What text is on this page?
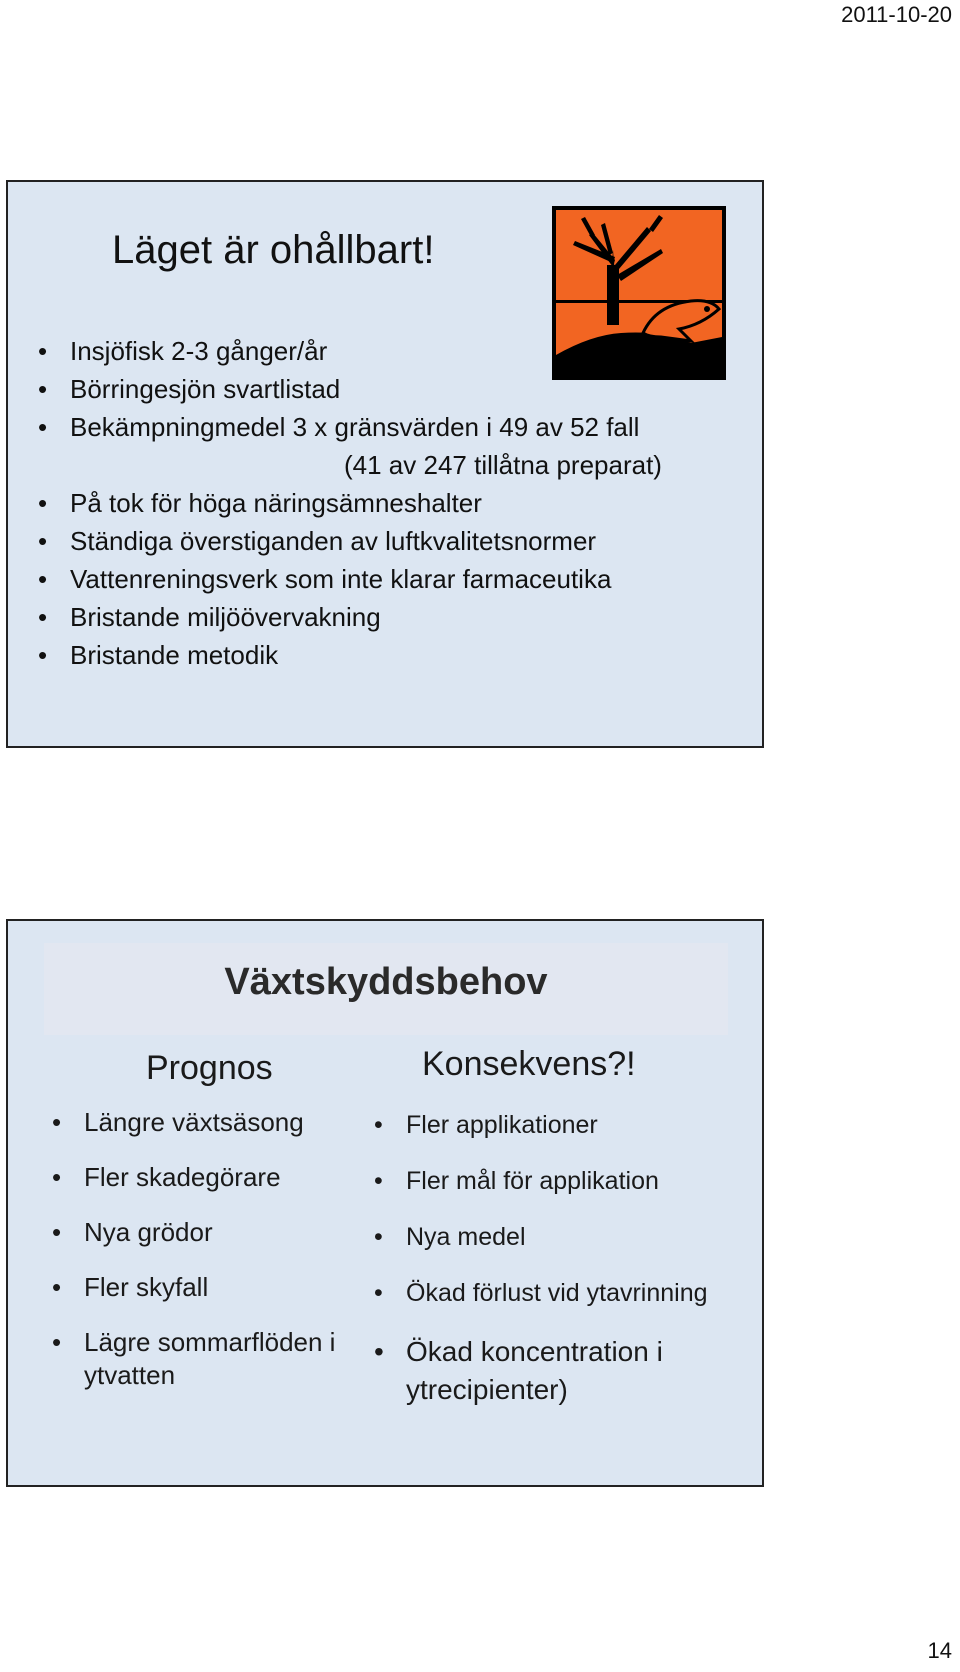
2011-10-20
Läget är ohållbart!
• Insjöfisk 2-3 gånger/år
• Börringesjön svartlistad
• Bekämpningmedel 3 x gränsvärden i 49 av 52 fall
(41 av 247 tillåtna preparat)
• På tok för höga näringsämneshalter
• Ständiga överstiganden av luftkvalitetsnormer
• Vattenreningsverk som inte klarar farmaceutika
• Bristande miljöövervakning
• Bristande metodik
Växtskyddsbehov
Prognos	Konsekvens?!
• Längre växtsäsong
• Fler skadegörare
• Nya grödor
• Fler skyfall
• Lägre sommarflöden i ytvatten
• Fler applikationer
• Fler mål för applikation
• Nya medel
• Ökad förlust vid ytavrinning
• Ökad koncentration i ytrecipienter)
14
